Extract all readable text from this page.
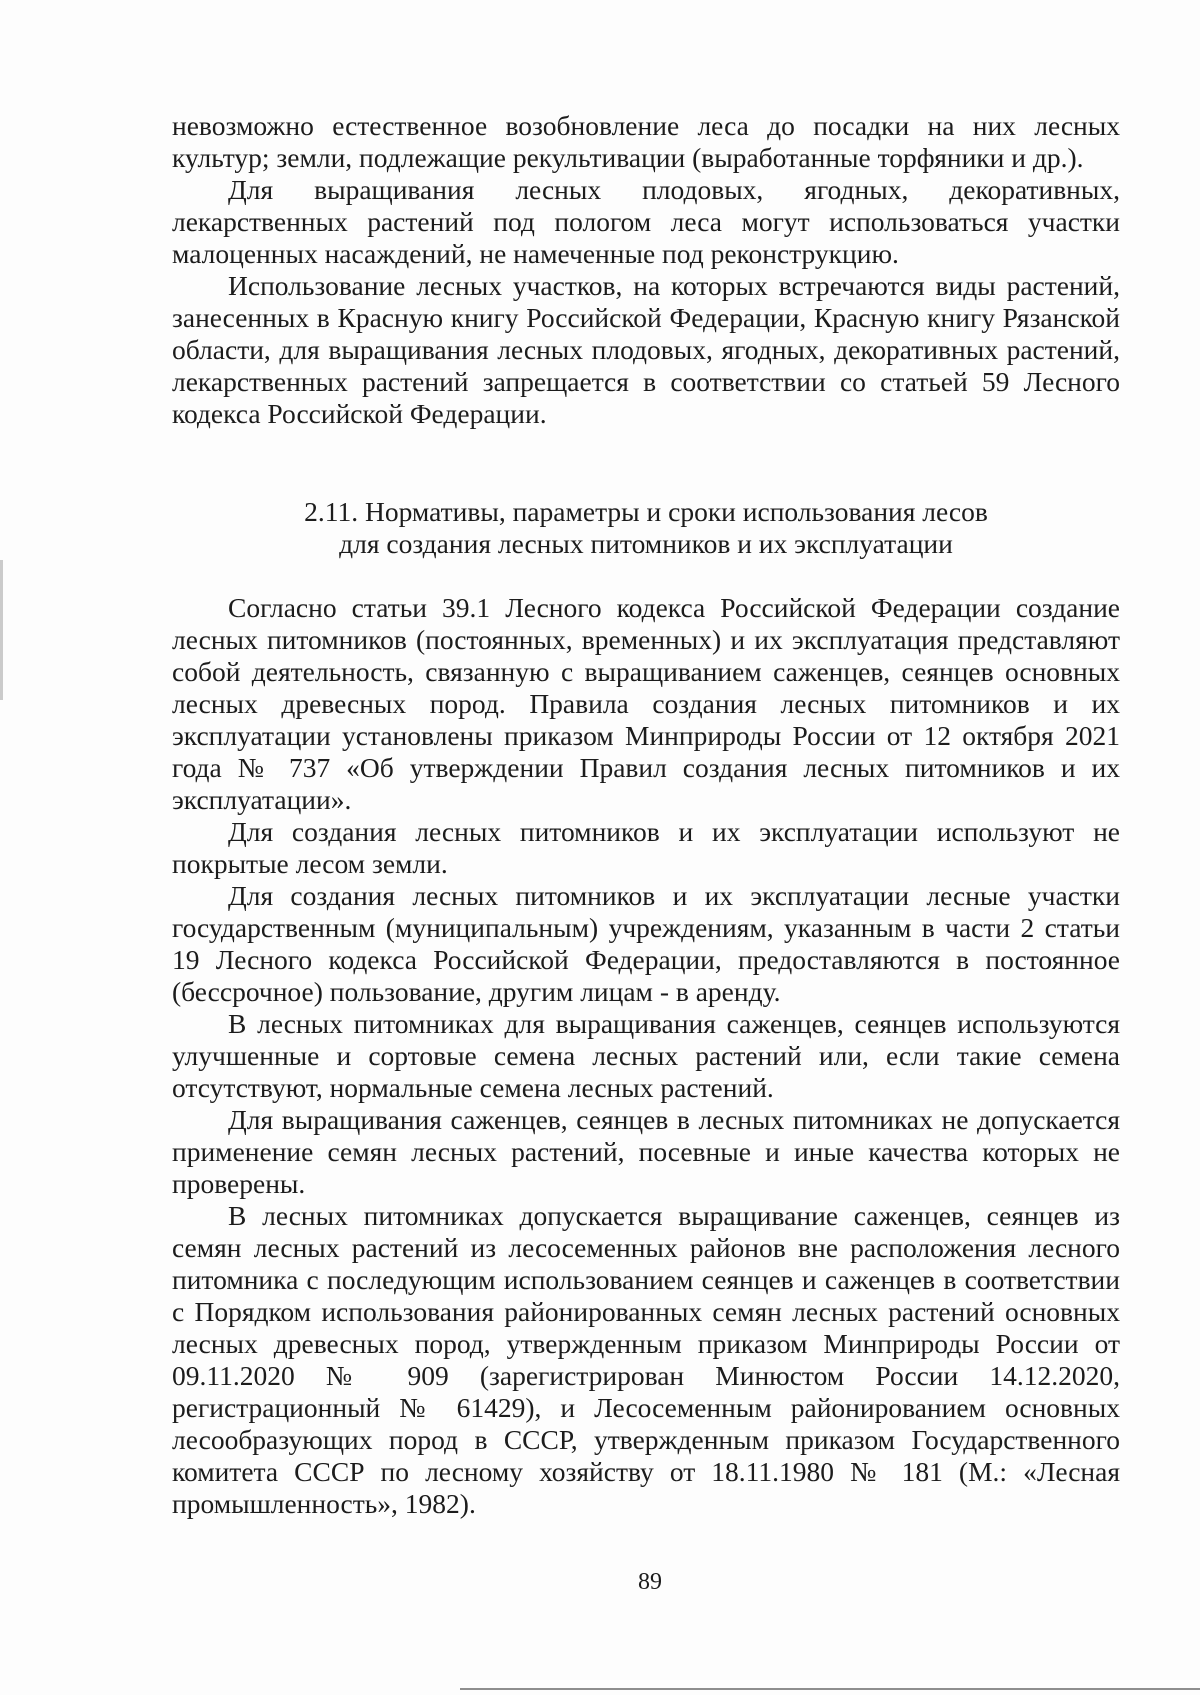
невозможно естественное возобновление леса до посадки на них лесных культур; земли, подлежащие рекультивации (выработанные торфяники и др.).

Для выращивания лесных плодовых, ягодных, декоративных, лекарственных растений под пологом леса могут использоваться участки малоценных насаждений, не намеченные под реконструкцию.

Использование лесных участков, на которых встречаются виды растений, занесенных в Красную книгу Российской Федерации, Красную книгу Рязанской области, для выращивания лесных плодовых, ягодных, декоративных растений, лекарственных растений запрещается в соответствии со статьей 59 Лесного кодекса Российской Федерации.

2.11. Нормативы, параметры и сроки использования лесов
для создания лесных питомников и их эксплуатации

Согласно статьи 39.1 Лесного кодекса Российской Федерации создание лесных питомников (постоянных, временных) и их эксплуатация представляют собой деятельность, связанную с выращиванием саженцев, сеянцев основных лесных древесных пород. Правила создания лесных питомников и их эксплуатации установлены приказом Минприроды России от 12 октября 2021 года № 737 «Об утверждении Правил создания лесных питомников и их эксплуатации».

Для создания лесных питомников и их эксплуатации используют не покрытые лесом земли.

Для создания лесных питомников и их эксплуатации лесные участки государственным (муниципальным) учреждениям, указанным в части 2 статьи 19 Лесного кодекса Российской Федерации, предоставляются в постоянное (бессрочное) пользование, другим лицам - в аренду.

В лесных питомниках для выращивания саженцев, сеянцев используются улучшенные и сортовые семена лесных растений или, если такие семена отсутствуют, нормальные семена лесных растений.

Для выращивания саженцев, сеянцев в лесных питомниках не допускается применение семян лесных растений, посевные и иные качества которых не проверены.

В лесных питомниках допускается выращивание саженцев, сеянцев из семян лесных растений из лесосеменных районов вне расположения лесного питомника с последующим использованием сеянцев и саженцев в соответствии с Порядком использования районированных семян лесных растений основных лесных древесных пород, утвержденным приказом Минприроды России от 09.11.2020 № 909 (зарегистрирован Минюстом России 14.12.2020, регистрационный № 61429), и Лесосеменным районированием основных лесообразующих пород в СССР, утвержденным приказом Государственного комитета СССР по лесному хозяйству от 18.11.1980 № 181 (М.: «Лесная промышленность», 1982).

89
